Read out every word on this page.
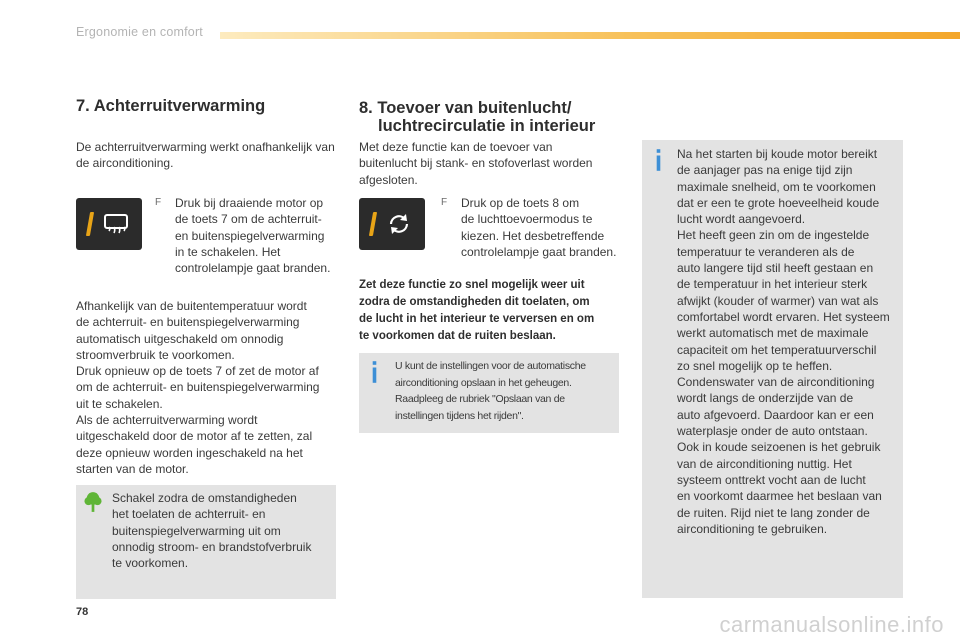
Ergonomie en comfort
7. Achterruitverwarming
De achterruitverwarming werkt onafhankelijk van de airconditioning.
F Druk bij draaiende motor op
de toets 7 om de achterruit-
en buitenspiegelverwarming
in te schakelen. Het
controlelampje gaat branden.
Afhankelijk van de buitentemperatuur wordt
de achterruit- en buitenspiegelverwarming
automatisch uitgeschakeld om onnodig
stroomverbruik te voorkomen.
Druk opnieuw op de toets 7 of zet de motor af
om de achterruit- en buitenspiegelverwarming
uit te schakelen.
Als de achterruitverwarming wordt
uitgeschakeld door de motor af te zetten, zal
deze opnieuw worden ingeschakeld na het
starten van de motor.
Schakel zodra de omstandigheden
het toelaten de achterruit- en
buitenspiegelverwarming uit om
onnodig stroom- en brandstofverbruik
te voorkomen.
8. Toevoer van buitenlucht/
luchtrecirculatie in interieur
Met deze functie kan de toevoer van
buitenlucht bij stank- en stofoverlast worden
afgesloten.
F Druk op de toets 8 om
de luchttoevoermodus te
kiezen. Het desbetreffende
controlelampje gaat branden.
Zet deze functie zo snel mogelijk weer uit
zodra de omstandigheden dit toelaten, om
de lucht in het interieur te verversen en om
te voorkomen dat de ruiten beslaan.
U kunt de instellingen voor de automatische
airconditioning opslaan in het geheugen.
Raadpleeg de rubriek "Opslaan van de
instellingen tijdens het rijden".
Na het starten bij koude motor bereikt
de aanjager pas na enige tijd zijn
maximale snelheid, om te voorkomen
dat er een te grote hoeveelheid koude
lucht wordt aangevoerd.
Het heeft geen zin om de ingestelde
temperatuur te veranderen als de
auto langere tijd stil heeft gestaan en
de temperatuur in het interieur sterk
afwijkt (kouder of warmer) van wat als
comfortabel wordt ervaren. Het systeem
werkt automatisch met de maximale
capaciteit om het temperatuurverschil
zo snel mogelijk op te heffen.
Condenswater van de airconditioning
wordt langs de onderzijde van de
auto afgevoerd. Daardoor kan er een
waterplasje onder de auto ontstaan.
Ook in koude seizoenen is het gebruik
van de airconditioning nuttig. Het
systeem onttrekt vocht aan de lucht
en voorkomt daarmee het beslaan van
de ruiten. Rijd niet te lang zonder de
airconditioning te gebruiken.
78	carmanualsonline.info
